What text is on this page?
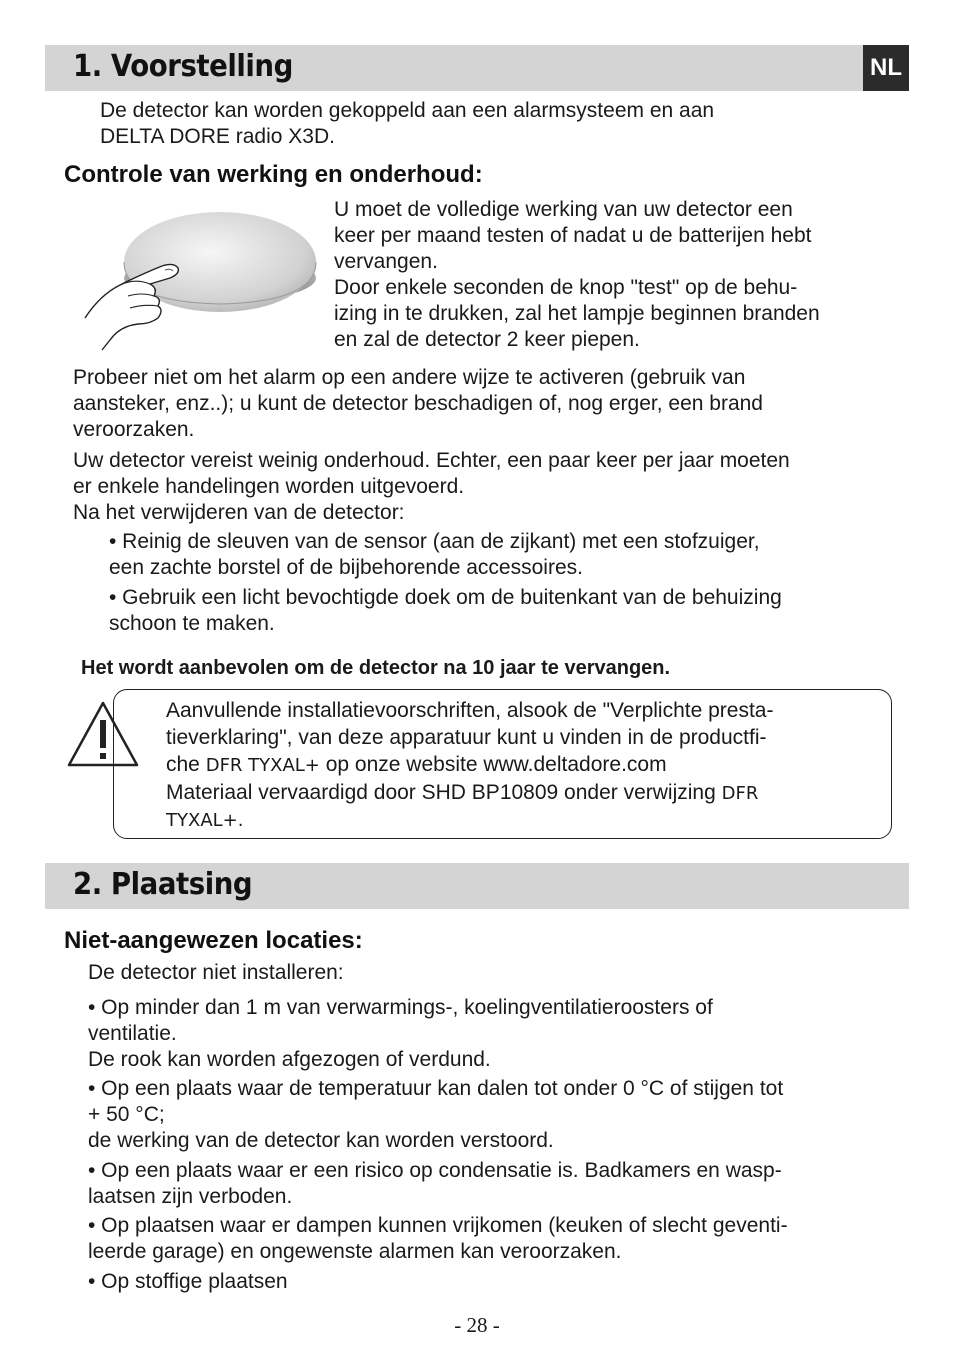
1. Voorstelling	NL
De detector kan worden gekoppeld aan een alarmsysteem en aan
DELTA DORE radio X3D.
Controle van werking en onderhoud:
U moet de volledige werking van uw detector een
keer per maand testen of nadat u de batterijen hebt
vervangen.
Door enkele seconden de knop "test" op de behu-
izing in te drukken, zal het lampje beginnen branden
en zal de detector 2 keer piepen.
Probeer niet om het alarm op een andere wijze te activeren (gebruik van
aansteker, enz..); u kunt de detector beschadigen of, nog erger, een brand
veroorzaken.
Uw detector vereist weinig onderhoud. Echter, een paar keer per jaar moeten
er enkele handelingen worden uitgevoerd.
Na het verwijderen van de detector:
• Reinig de sleuven van de sensor (aan de zijkant) met een stofzuiger,
een zachte borstel of de bijbehorende accessoires.
• Gebruik een licht bevochtigde doek om de buitenkant van de behuizing
schoon te maken.
Het wordt aanbevolen om de detector na 10 jaar te vervangen.
Aanvullende installatievoorschriften, alsook de "Verplichte presta-
tieverklaring", van deze apparatuur kunt u vinden in de productfi-
che DFR TYXAL+ op onze website www.deltadore.com
Materiaal vervaardigd door SHD BP10809 onder verwijzing DFR
TYXAL+.
2. Plaatsing
Niet-aangewezen locaties:
De detector niet installeren:
• Op minder dan 1 m van verwarmings-, koelingventilatieroosters of
ventilatie.
De rook kan worden afgezogen of verdund.
• Op een plaats waar de temperatuur kan dalen tot onder 0 °C of stijgen tot
+ 50 °C;
de werking van de detector kan worden verstoord.
• Op een plaats waar er een risico op condensatie is. Badkamers en wasp-
laatsen zijn verboden.
• Op plaatsen waar er dampen kunnen vrijkomen (keuken of slecht geventi-
leerde garage) en ongewenste alarmen kan veroorzaken.
• Op stoffige plaatsen
- 28 -
